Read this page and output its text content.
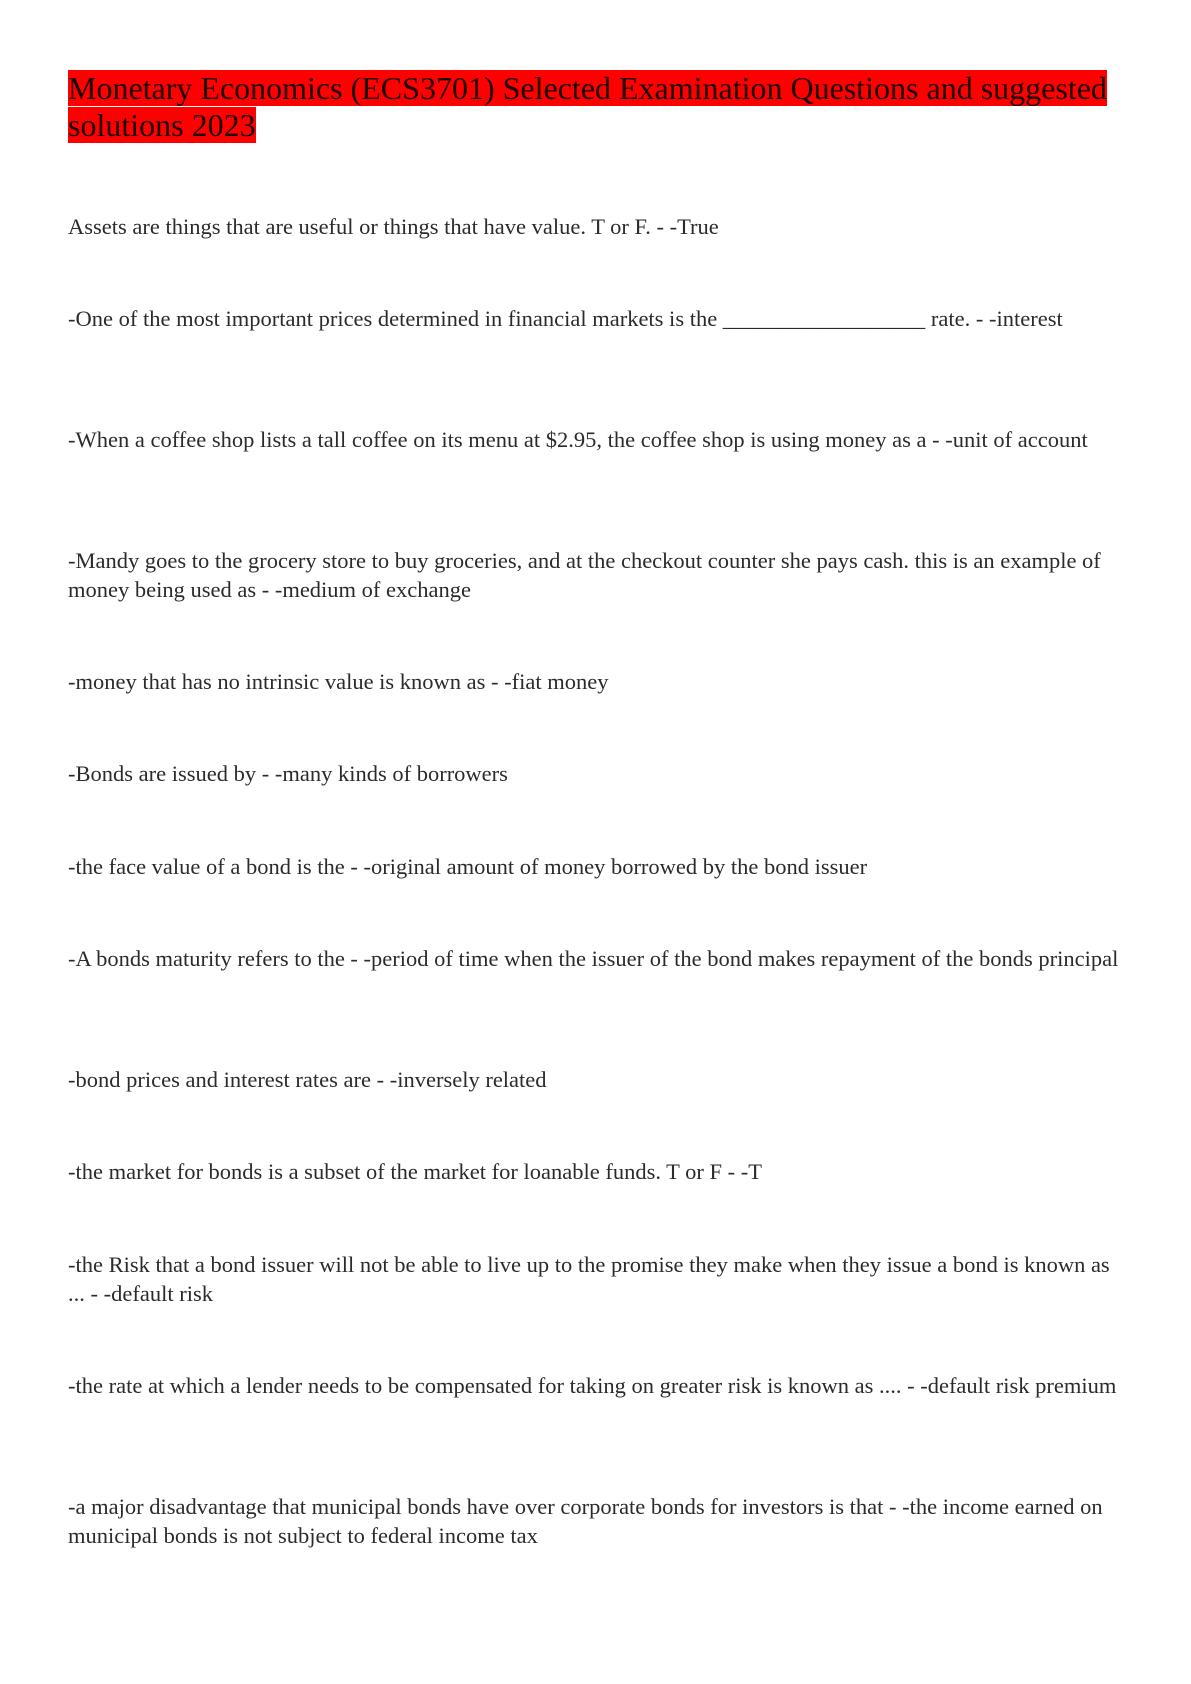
Monetary Economics (ECS3701) Selected Examination Questions and suggested solutions 2023

Assets are things that are useful or things that have value. T or F. - -True

-One of the most important prices determined in financial markets is the __________________ rate. - -interest

-When a coffee shop lists a tall coffee on its menu at $2.95, the coffee shop is using money as a - -unit of account

-Mandy goes to the grocery store to buy groceries, and at the checkout counter she pays cash. this is an example of money being used as - -medium of exchange

-money that has no intrinsic value is known as - -fiat money

-Bonds are issued by - -many kinds of borrowers

-the face value of a bond is the - -original amount of money borrowed by the bond issuer

-A bonds maturity refers to the - -period of time when the issuer of the bond makes repayment of the bonds principal

-bond prices and interest rates are - -inversely related

-the market for bonds is a subset of the market for loanable funds. T or F - -T

-the Risk that a bond issuer will not be able to live up to the promise they make when they issue a bond is known as ... - -default risk

-the rate at which a lender needs to be compensated for taking on greater risk is known as .... - -default risk premium

-a major disadvantage that municipal bonds have over corporate bonds for investors is that - -the income earned on municipal bonds is not subject to federal income tax
